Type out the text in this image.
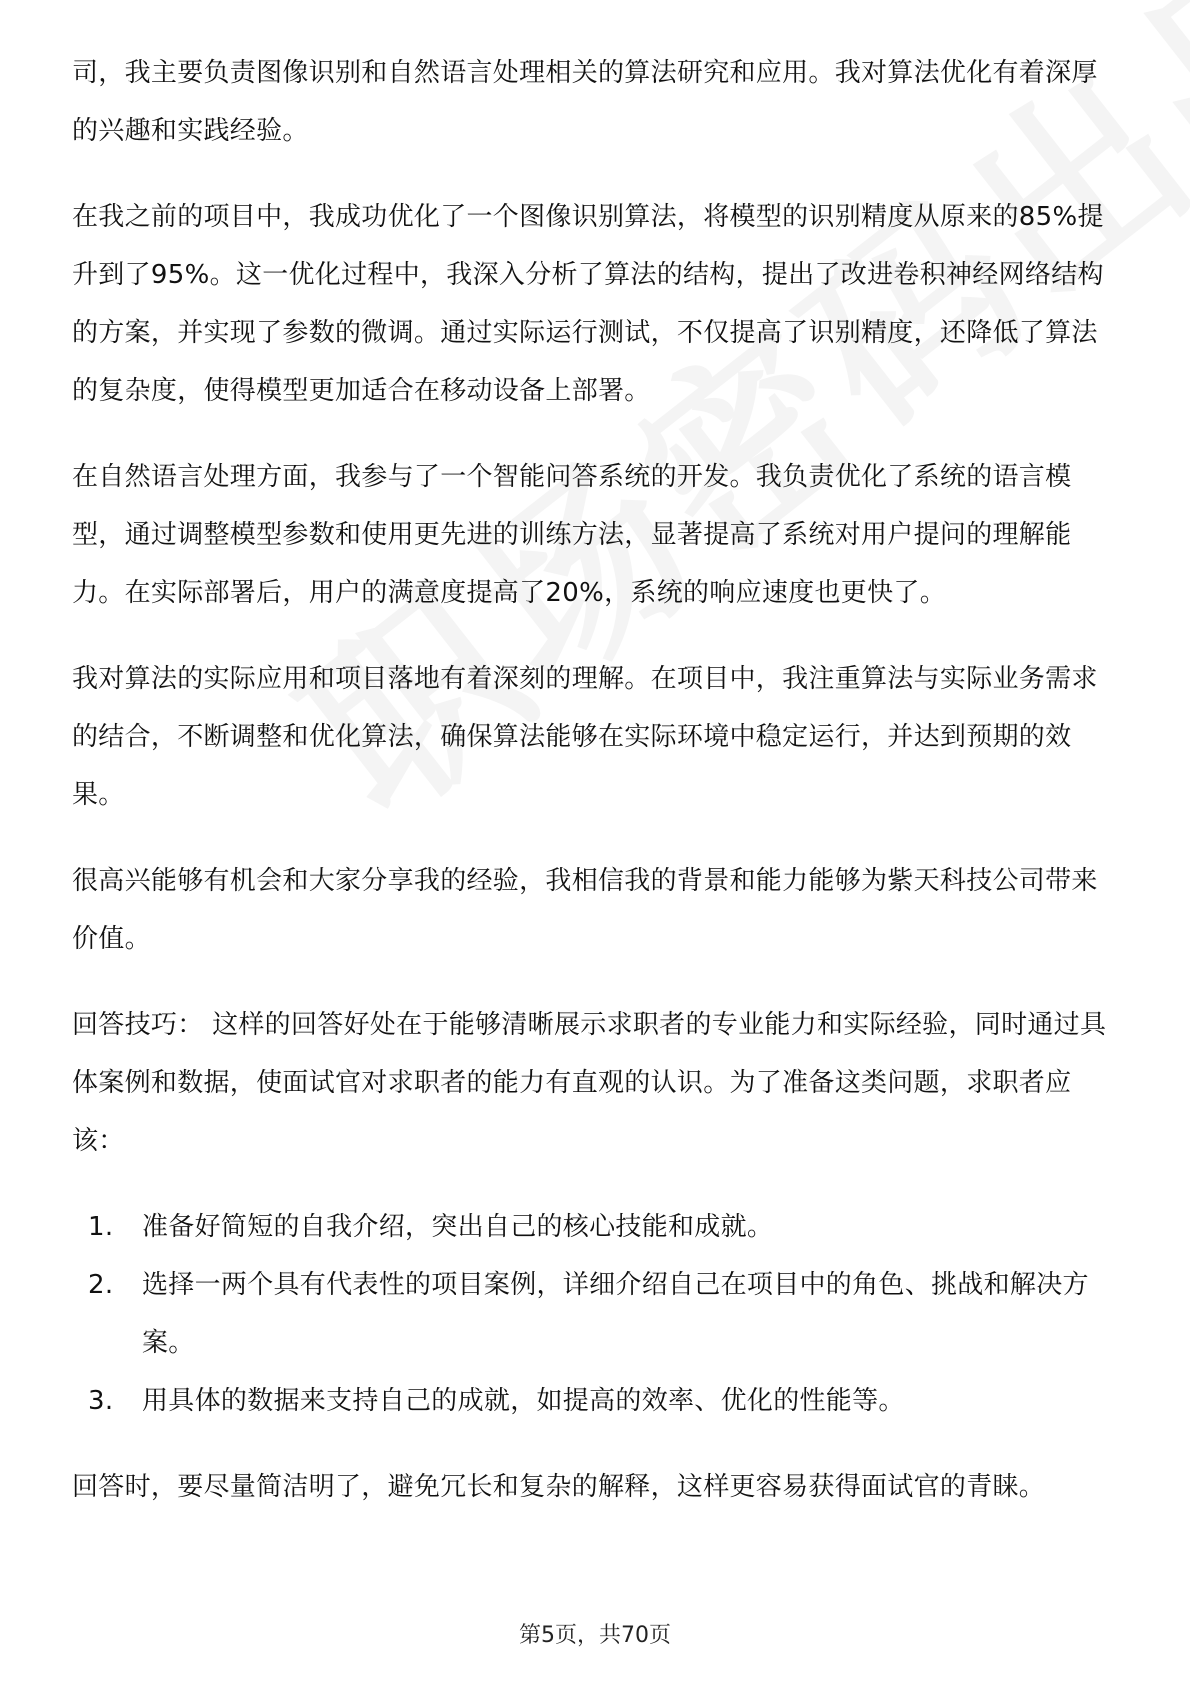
司，我主要负责图像识别和自然语言处理相关的算法研究和应用。我对算法优化有着深厚的兴趣和实践经验。

在我之前的项目中，我成功优化了一个图像识别算法，将模型的识别精度从原来的85%提升到了95%。这一优化过程中，我深入分析了算法的结构，提出了改进卷积神经网络结构的方案，并实现了参数的微调。通过实际运行测试，不仅提高了识别精度，还降低了算法的复杂度，使得模型更加适合在移动设备上部署。

在自然语言处理方面，我参与了一个智能问答系统的开发。我负责优化了系统的语言模型，通过调整模型参数和使用更先进的训练方法，显著提高了系统对用户提问的理解能力。在实际部署后，用户的满意度提高了20%，系统的响应速度也更快了。

我对算法的实际应用和项目落地有着深刻的理解。在项目中，我注重算法与实际业务需求的结合，不断调整和优化算法，确保算法能够在实际环境中稳定运行，并达到预期的效果。

很高兴能够有机会和大家分享我的经验，我相信我的背景和能力能够为紫天科技公司带来价值。

回答技巧： 这样的回答好处在于能够清晰展示求职者的专业能力和实际经验，同时通过具体案例和数据，使面试官对求职者的能力有直观的认识。为了准备这类问题，求职者应该：

1. 准备好简短的自我介绍，突出自己的核心技能和成就。
2. 选择一两个具有代表性的项目案例，详细介绍自己在项目中的角色、挑战和解决方案。
3. 用具体的数据来支持自己的成就，如提高的效率、优化的性能等。

回答时，要尽量简洁明了，避免冗长和复杂的解释，这样更容易获得面试官的青睐。

第5页，共70页
